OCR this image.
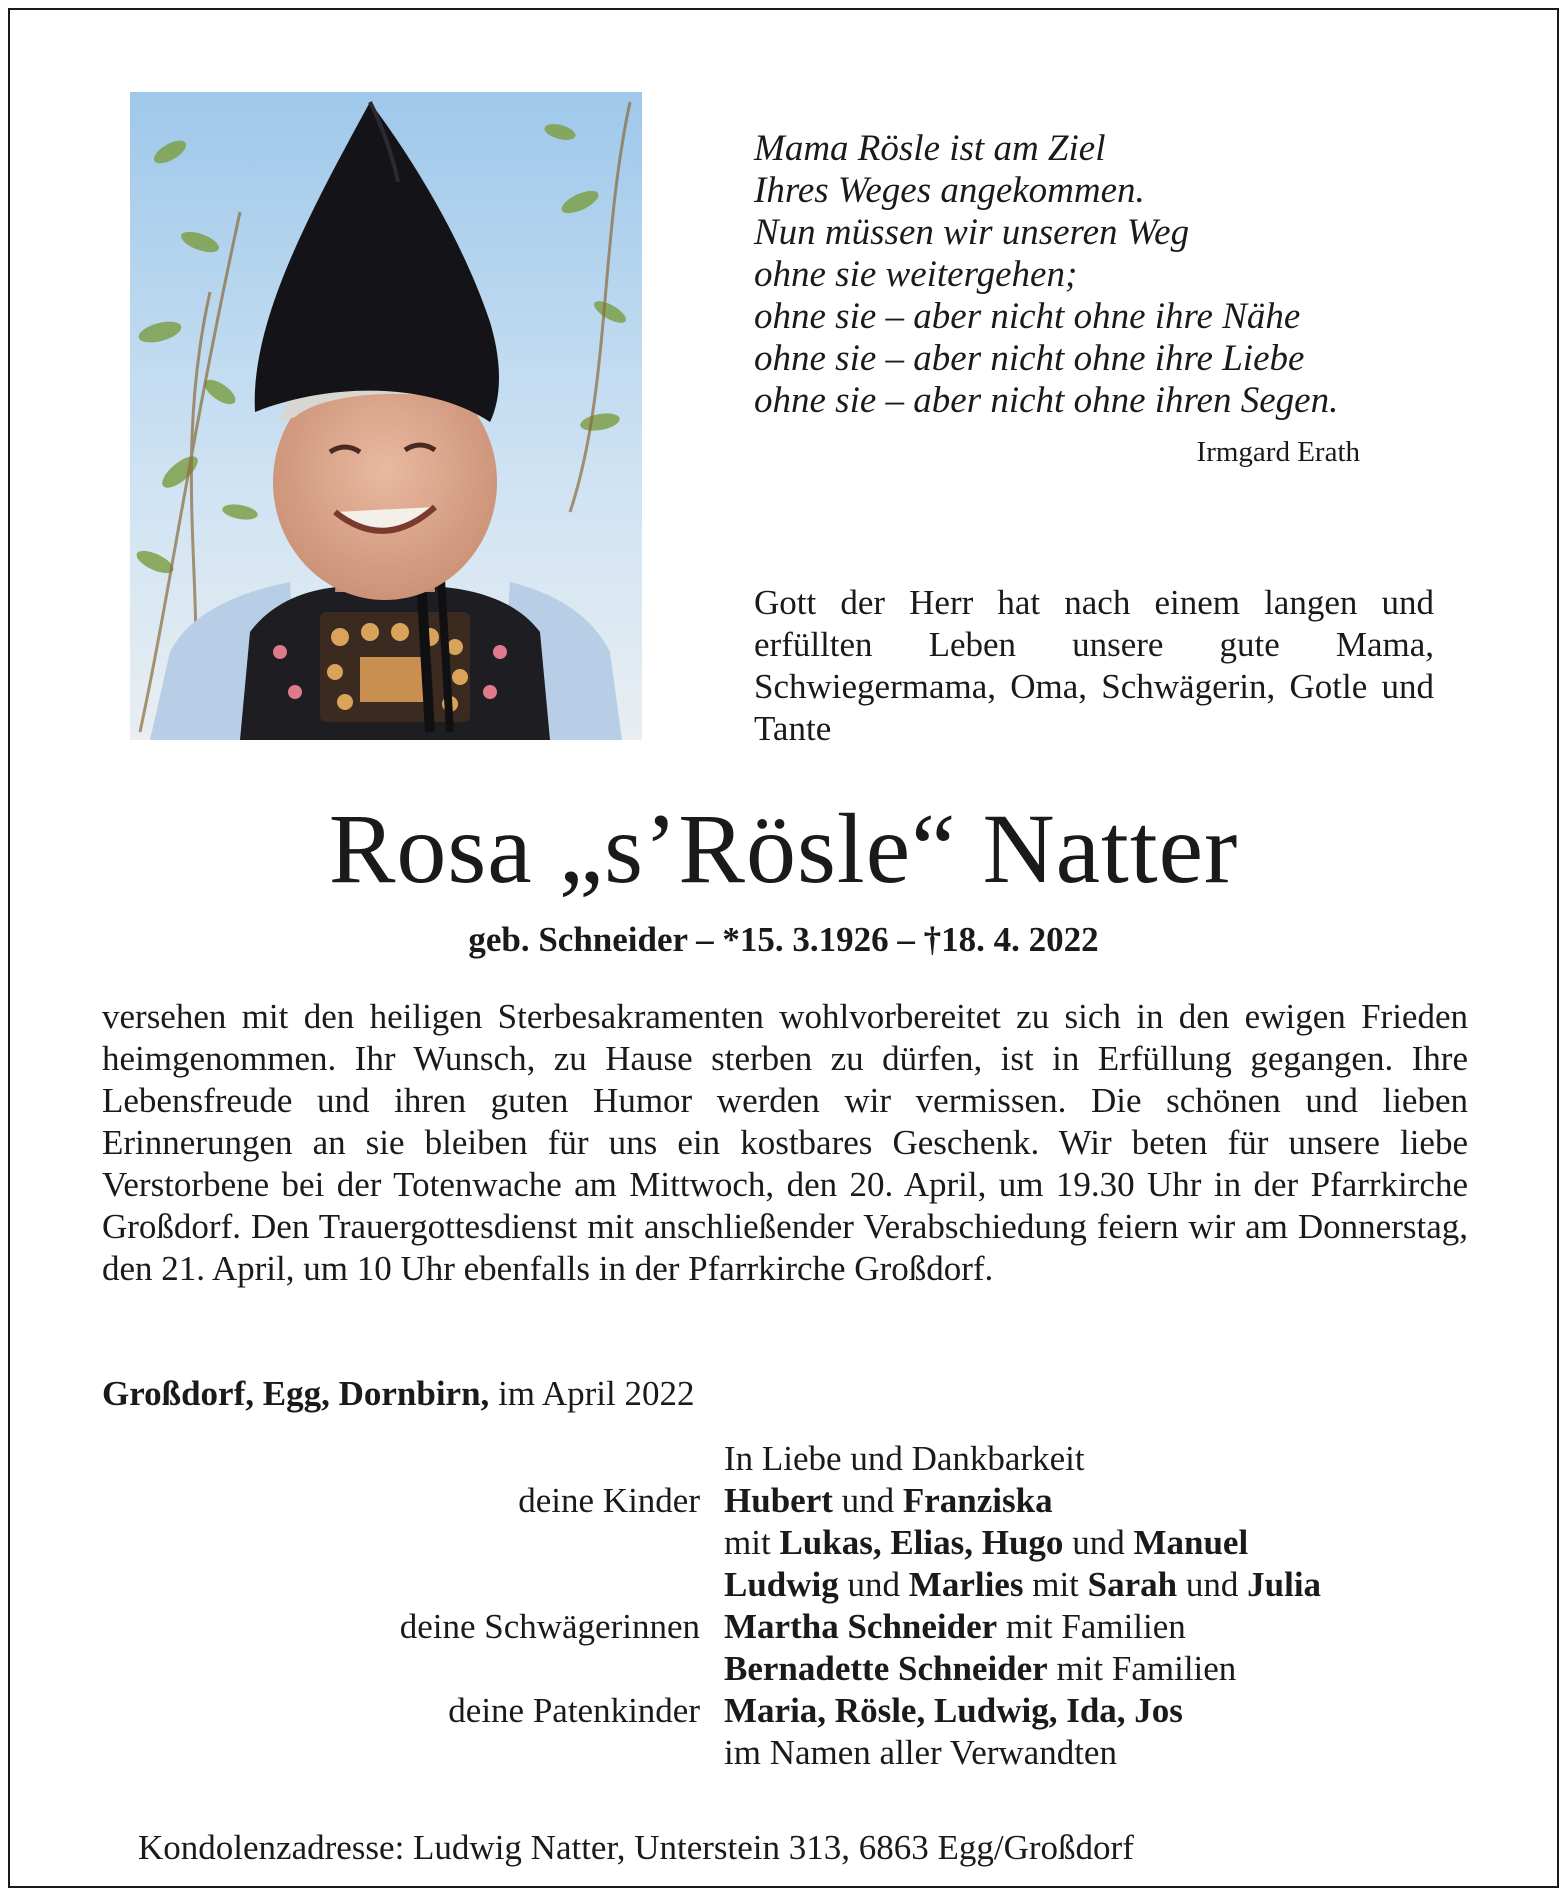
Mama Rösle ist am Ziel
Ihres Weges angekommen.
Nun müssen wir unseren Weg
ohne sie weitergehen;
ohne sie – aber nicht ohne ihre Nähe
ohne sie – aber nicht ohne ihre Liebe
ohne sie – aber nicht ohne ihren Segen.
Irmgard Erath
Gott der Herr hat nach einem langen und erfüllten Leben unsere gute Mama, Schwiegermama, Oma, Schwägerin, Gotle und Tante
Rosa „s’Rösle“ Natter
geb. Schneider – *15. 3.1926 – †18. 4. 2022
versehen mit den heiligen Sterbesakramenten wohlvorbereitet zu sich in den ewigen Frieden heimgenommen. Ihr Wunsch, zu Hause sterben zu dürfen, ist in Erfüllung gegangen. Ihre Lebensfreude und ihren guten Humor werden wir vermissen. Die schönen und lieben Erinnerungen an sie bleiben für uns ein kostbares Geschenk. Wir beten für unsere liebe Verstorbene bei der Totenwache am Mittwoch, den 20. April, um 19.30 Uhr in der Pfarrkirche Großdorf. Den Trauergottesdienst mit anschließender Verabschiedung feiern wir am Donnerstag, den 21. April, um 10 Uhr ebenfalls in der Pfarrkirche Großdorf.
Großdorf, Egg, Dornbirn, im April 2022
In Liebe und Dankbarkeit
deine Kinder Hubert und Franziska
mit Lukas, Elias, Hugo und Manuel
Ludwig und Marlies mit Sarah und Julia
deine Schwägerinnen Martha Schneider mit Familien
Bernadette Schneider mit Familien
deine Patenkinder Maria, Rösle, Ludwig, Ida, Jos
im Namen aller Verwandten
Kondolenzadresse: Ludwig Natter, Unterstein 313, 6863 Egg/Großdorf
